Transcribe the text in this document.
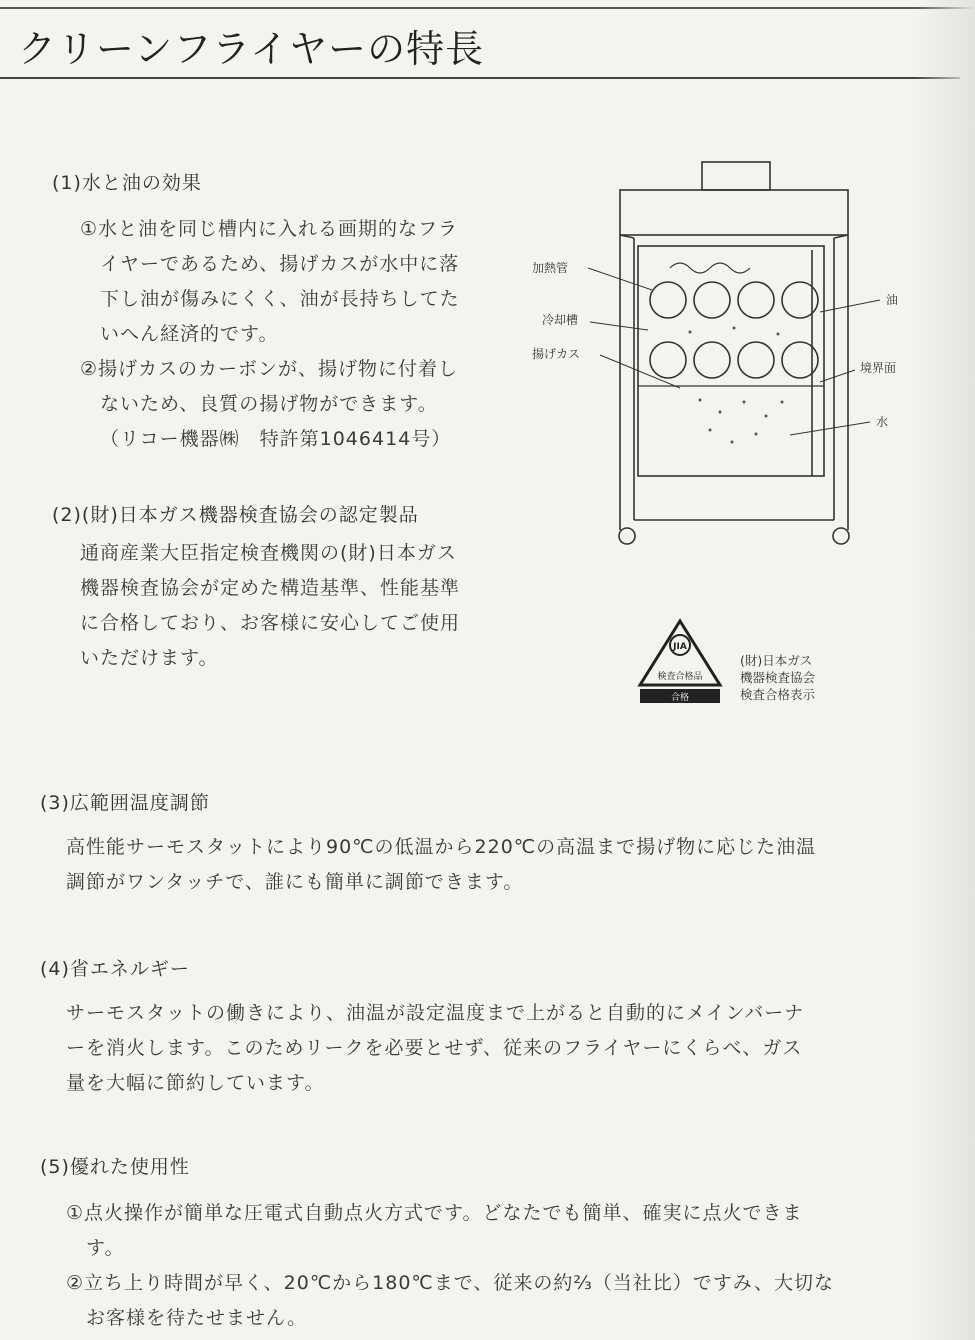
クリーンフライヤーの特長
(1)水と油の効果
①水と油を同じ槽内に入れる画期的なフラ
イヤーであるため、揚げカスが水中に落
下し油が傷みにくく、油が長持ちしてた
いへん経済的です。
②揚げカスのカーボンが、揚げ物に付着し
ないため、良質の揚げ物ができます。
（リコー機器㈱　特許第1046414号）
(2)(財)日本ガス機器検査協会の認定製品
通商産業大臣指定検査機関の(財)日本ガス
機器検査協会が定めた構造基準、性能基準
に合格しており、お客様に安心してご使用
いただけます。
加熱管
冷却槽
揚げカス
油
境界面
水
JIA
検査合格品
合格
(財)日本ガス
機器検査協会
検査合格表示
(3)広範囲温度調節
高性能サーモスタットにより90℃の低温から220℃の高温まで揚げ物に応じた油温
調節がワンタッチで、誰にも簡単に調節できます。
(4)省エネルギー
サーモスタットの働きにより、油温が設定温度まで上がると自動的にメインバーナ
ーを消火します。このためリークを必要とせず、従来のフライヤーにくらべ、ガス
量を大幅に節約しています。
(5)優れた使用性
①点火操作が簡単な圧電式自動点火方式です。どなたでも簡単、確実に点火できま
す。
②立ち上り時間が早く、20℃から180℃まで、従来の約⅔（当社比）ですみ、大切な
お客様を待たせません。
